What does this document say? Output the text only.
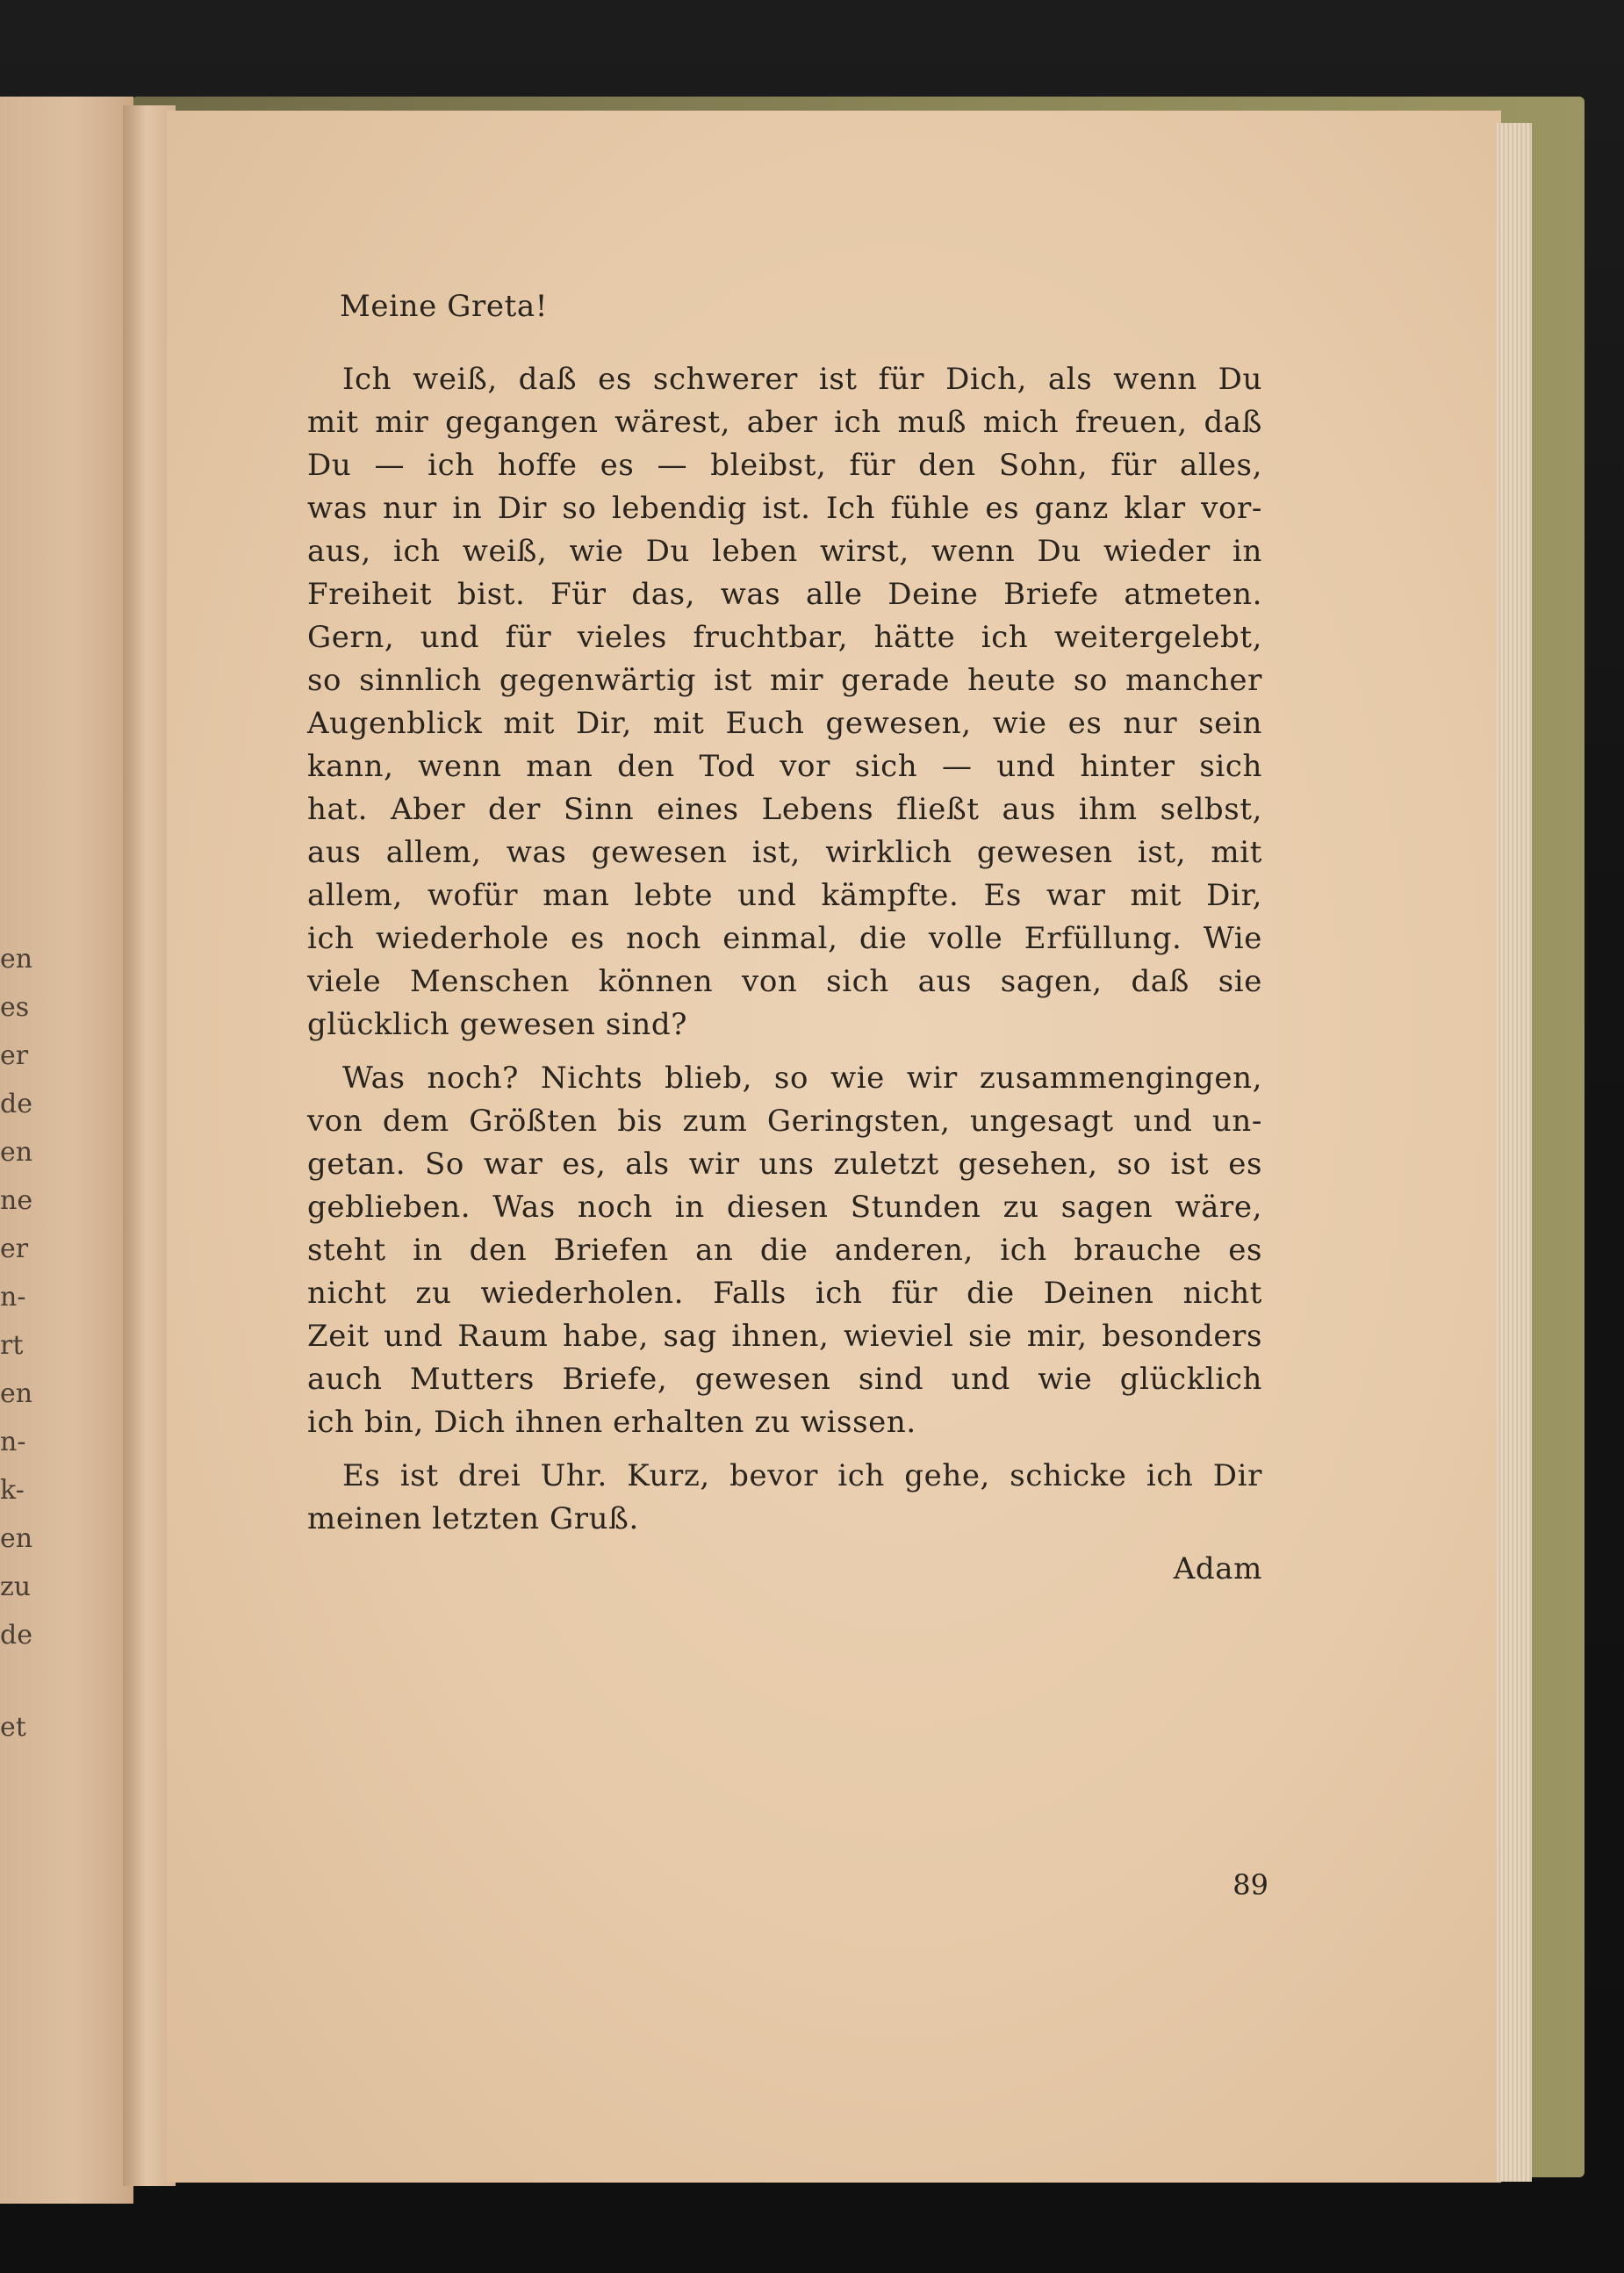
en
es
er
de
en
ne
er
n-
rt
en
n-
k-
en
zu
de
et
Meine Greta!
Ich weiß, daß es schwerer ist für Dich, als wenn Du
mit mir gegangen wärest, aber ich muß mich freuen, daß
Du — ich hoffe es — bleibst, für den Sohn, für alles,
was nur in Dir so lebendig ist. Ich fühle es ganz klar vor-
aus, ich weiß, wie Du leben wirst, wenn Du wieder in
Freiheit bist. Für das, was alle Deine Briefe atmeten.
Gern, und für vieles fruchtbar, hätte ich weitergelebt,
so sinnlich gegenwärtig ist mir gerade heute so mancher
Augenblick mit Dir, mit Euch gewesen, wie es nur sein
kann, wenn man den Tod vor sich — und hinter sich
hat. Aber der Sinn eines Lebens fließt aus ihm selbst,
aus allem, was gewesen ist, wirklich gewesen ist, mit
allem, wofür man lebte und kämpfte. Es war mit Dir,
ich wiederhole es noch einmal, die volle Erfüllung. Wie
viele Menschen können von sich aus sagen, daß sie
glücklich gewesen sind?
Was noch? Nichts blieb, so wie wir zusammengingen,
von dem Größten bis zum Geringsten, ungesagt und un-
getan. So war es, als wir uns zuletzt gesehen, so ist es
geblieben. Was noch in diesen Stunden zu sagen wäre,
steht in den Briefen an die anderen, ich brauche es
nicht zu wiederholen. Falls ich für die Deinen nicht
Zeit und Raum habe, sag ihnen, wieviel sie mir, besonders
auch Mutters Briefe, gewesen sind und wie glücklich
ich bin, Dich ihnen erhalten zu wissen.
Es ist drei Uhr. Kurz, bevor ich gehe, schicke ich Dir
meinen letzten Gruß.
Adam
89
